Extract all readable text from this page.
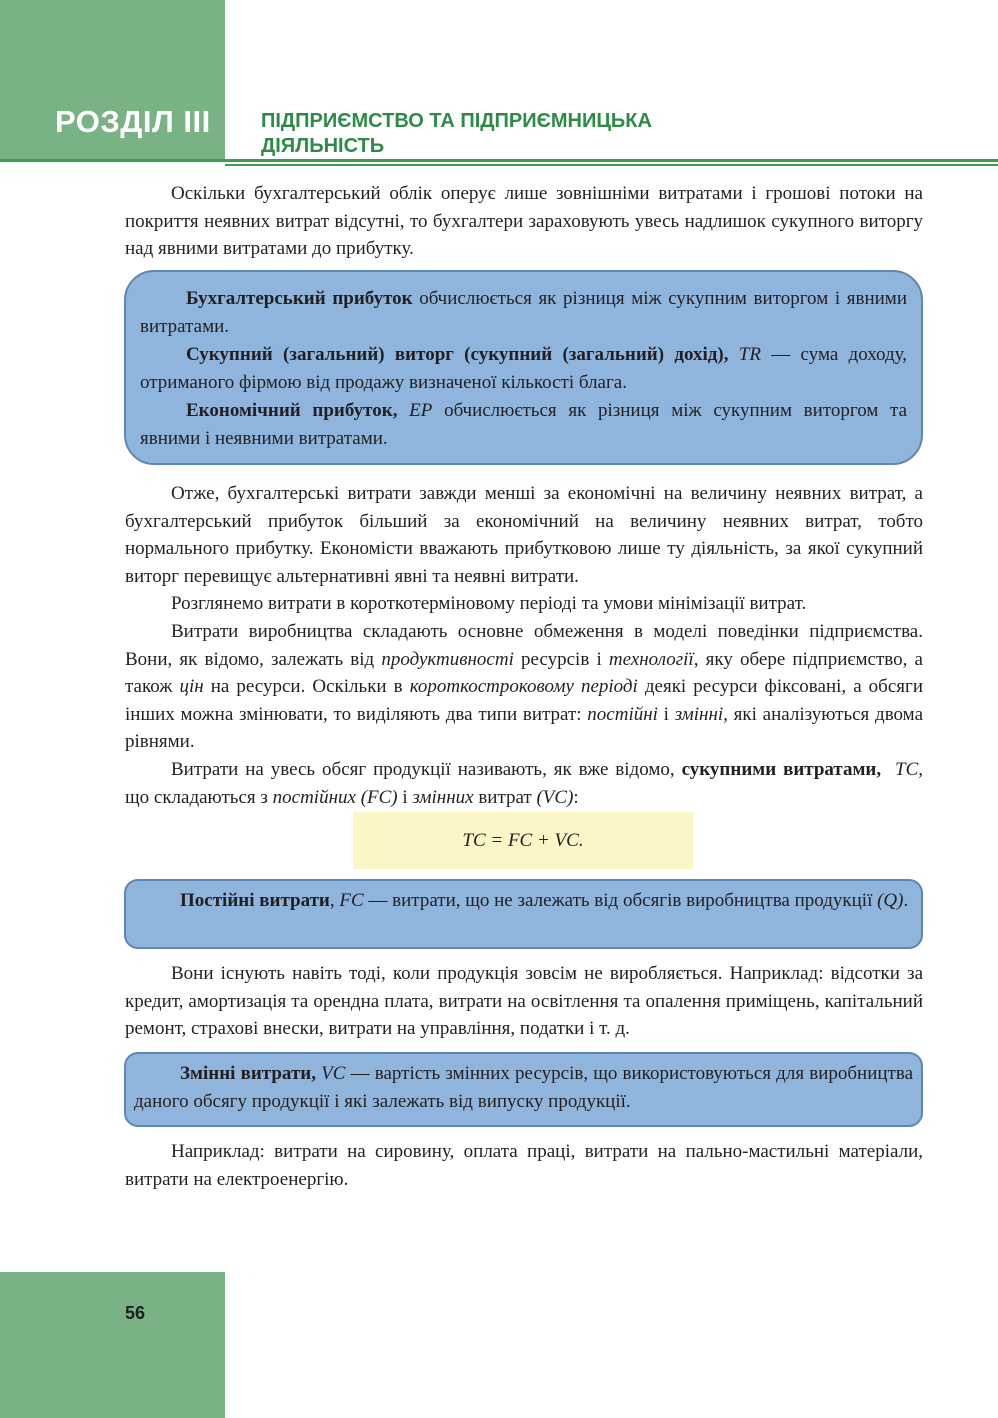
РОЗДІЛ ІІІ	ПІДПРИЄМСТВО ТА ПІДПРИЄМНИЦЬКА
ДІЯЛЬНІСТЬ

Оскільки бухгалтерський облік оперує лише зовнішніми витратами і грошові потоки на покриття неявних витрат відсутні, то бухгалтери зараховують увесь надлишок сукупного виторгу над явними витратами до прибутку.

Бухгалтерський прибуток обчислюється як різниця між сукупним виторгом і явними витратами.

Сукупний (загальний) виторг (сукупний (загальний) дохід), TR — сума доходу, отриманого фірмою від продажу визначеної кількості блага.

Економічний прибуток, EP обчислюється як різниця між сукупним виторгом та явними і неявними витратами.

Отже, бухгалтерські витрати завжди менші за економічні на величину неявних витрат, а бухгалтерський прибуток більший за економічний на величину неявних витрат, тобто нормального прибутку. Економісти вважають прибутковою лише ту діяльність, за якої сукупний виторг перевищує альтернативні явні та неявні витрати.

Розглянемо витрати в короткотерміновому періоді та умови мінімізації витрат.

Витрати виробництва складають основне обмеження в моделі поведінки підприємства. Вони, як відомо, залежать від продуктивності ресурсів і технології, яку обере підприємство, а також цін на ресурси. Оскільки в короткостроковому періоді деякі ресурси фіксовані, а обсяги інших можна змінювати, то виділяють два типи витрат: постійні і змінні, які аналізуються двома рівнями.

Витрати на увесь обсяг продукції називають, як вже відомо, сукупними витратами, TC, що складаються з постійних (FC) і змінних витрат (VC):

TC = FC + VC.

Постійні витрати, FC — витрати, що не залежать від обсягів виробництва продукції (Q).

Вони існують навіть тоді, коли продукція зовсім не виробляється. Наприклад: відсотки за кредит, амортизація та орендна плата, витрати на освітлення та опалення приміщень, капітальний ремонт, страхові внески, витрати на управління, податки і т. д.

Змінні витрати, VC — вартість змінних ресурсів, що використовуються для виробництва даного обсягу продукції і які залежать від випуску продукції.

Наприклад: витрати на сировину, оплата праці, витрати на пально-мастильні матеріали, витрати на електроенергію.

56
